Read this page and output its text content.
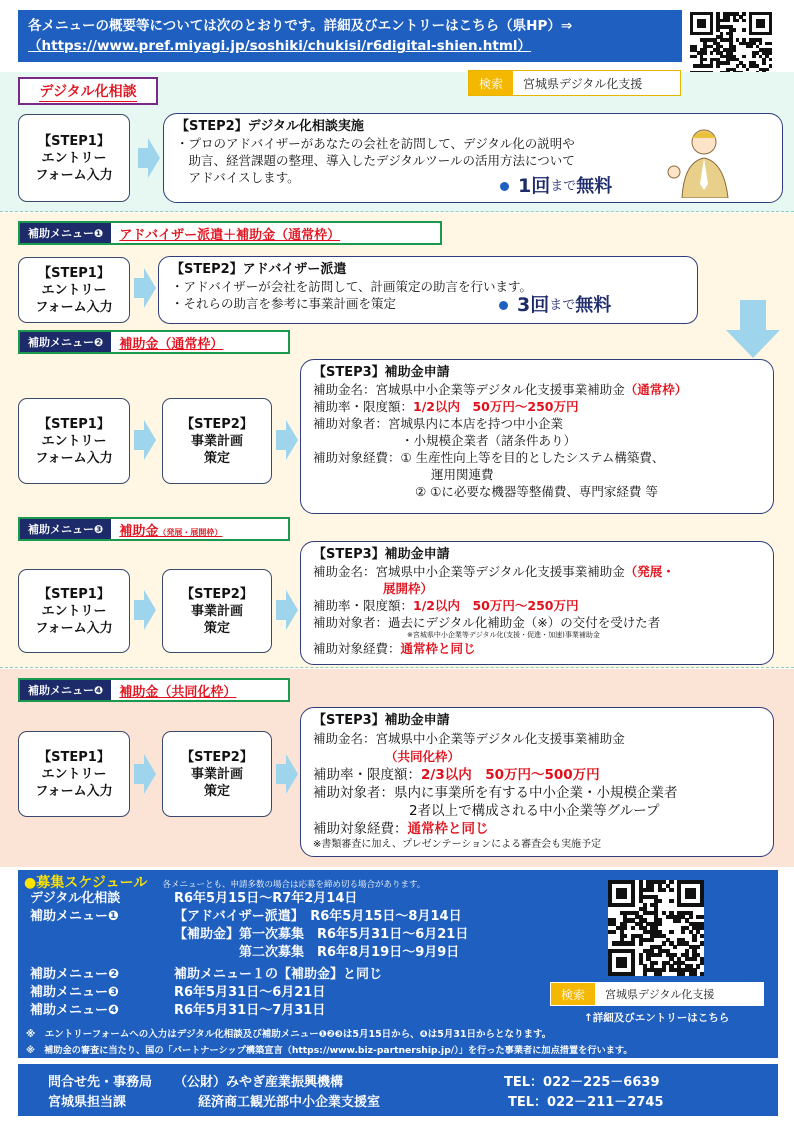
各メニューの概要等については次のとおりです。詳細及びエントリーはこちら（県HP）⇒
（https://www.pref.miyagi.jp/soshiki/chukisi/r6digital-shien.html）
デジタル化相談	検索	宮城県デジタル化支援
【STEP1】
エントリー
フォーム入力
【STEP2】デジタル化相談実施
・プロのアドバイザーがあなたの会社を訪問して、デジタル化の説明や
　助言、経営課題の整理、導入したデジタルツールの活用方法について
　アドバイスします。	1回 まで 無料
補助メニュー❶	アドバイザー派遣＋補助金（通常枠）
【STEP1】
エントリー
フォーム入力
【STEP2】アドバイザー派遣
・アドバイザーが会社を訪問して、計画策定の助言を行います。
・それらの助言を参考に事業計画を策定	3回 まで 無料
補助メニュー❷	補助金（通常枠）
【STEP1】
エントリー
フォーム入力
【STEP2】
事業計画
策定
【STEP3】補助金申請
補助金名：宮城県中小企業等デジタル化支援事業補助金（通常枠）
補助率・限度額：1/2以内　50万円～250万円
補助対象者：宮城県内に本店を持つ中小企業
・小規模企業者（諸条件あり）
補助対象経費：① 生産性向上等を目的としたシステム構築費、
運用関連費
② ①に必要な機器等整備費、専門家経費 等
補助メニュー❸	補助金（発展・展開枠）
【STEP1】
エントリー
フォーム入力
【STEP2】
事業計画
策定
【STEP3】補助金申請
補助金名：宮城県中小企業等デジタル化支援事業補助金（発展・
展開枠）
補助率・限度額：1/2以内　50万円～250万円
補助対象者：過去にデジタル化補助金（※）の交付を受けた者
※宮城県中小企業等デジタル化(支援・促進・加速)事業補助金
補助対象経費：通常枠と同じ
補助メニュー❹	補助金（共同化枠）
【STEP1】
エントリー
フォーム入力
【STEP2】
事業計画
策定
【STEP3】補助金申請
補助金名：宮城県中小企業等デジタル化支援事業補助金
（共同化枠）
補助率・限度額：2/3以内　50万円～500万円
補助対象者：県内に事業所を有する中小企業・小規模企業者
2者以上で構成される中小企業等グループ
補助対象経費：通常枠と同じ
※書類審査に加え、プレゼンテーションによる審査会も実施予定
●募集スケジュール 各メニューとも、申請多数の場合は応募を締め切る場合があります。
デジタル化相談	R6年5月15日～R7年2月14日
補助メニュー❶	【アドバイザー派遣】　R6年5月15日～8月14日
【補助金】第一次募集　R6年5月31日～6月21日
　　　　　第二次募集　R6年8月19日～9月9日
補助メニュー❷	補助メニュー１の【補助金】と同じ
補助メニュー❸	R6年5月31日～6月21日
補助メニュー❹	R6年5月31日～7月31日
検索	宮城県デジタル化支援
↑詳細及びエントリーはこちら
※　エントリーフォームへの入力はデジタル化相談及び補助メニュー❶❷❸は5月15日から、❹は5月31日からとなります。
※　補助金の審査に当たり、国の「パートナーシップ構築宣言（https://www.biz-partnership.jp/）」を行った事業者に加点措置を行います。
問合せ先・事務局	（公財）みやぎ産業振興機構	TEL：022－225－6639
宮城県担当課	経済商工観光部中小企業支援室	TEL：022－211－2745
